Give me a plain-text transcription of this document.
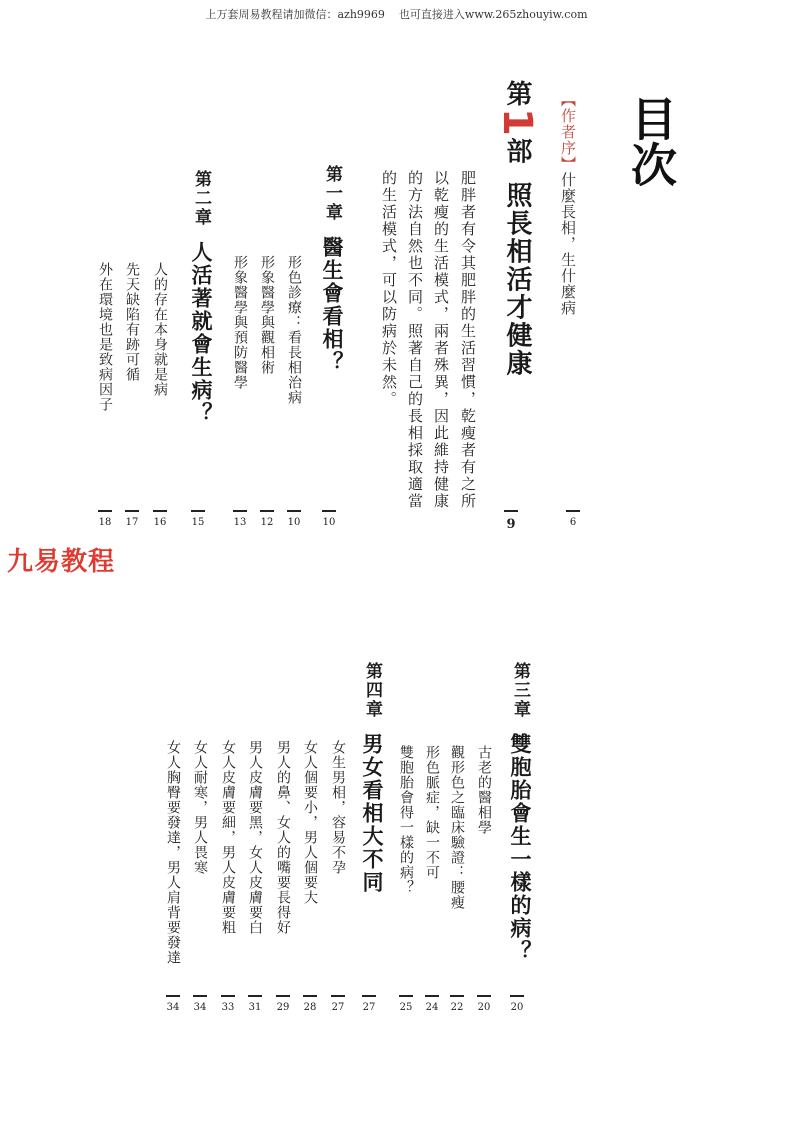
上万套周易教程请加微信：azh9969 也可直接进入www.265zhouyiw.com
目次
【作者序】什麼長相，生什麼病
6
第1部照長相活才健康
9
肥胖者有令其肥胖的生活習慣，乾瘦者有之所
以乾瘦的生活模式，兩者殊異，因此維持健康
的方法自然也不同。照著自己的長相採取適當
的生活模式，可以防病於未然。
第一章醫生會看相？
10
形色診療：看長相治病
10
形象醫學與觀相術
12
形象醫學與預防醫學
13
第二章人活著就會生病？
15
人的存在本身就是病
16
先天缺陷有跡可循
17
外在環境也是致病因子
18
第三章雙胞胎會生一樣的病？
20
古老的醫相學
20
觀形色之臨床驗證：腰瘦
22
形色脈症，缺一不可
24
雙胞胎會得一樣的病？
25
第四章男女看相大不同
27
女生男相，容易不孕
27
女人個要小，男人個要大
28
男人的鼻、女人的嘴要長得好
29
男人皮膚要黑，女人皮膚要白
31
女人皮膚要細，男人皮膚要粗
33
女人耐寒，男人畏寒
34
女人胸臀要發達，男人肩背要發達
34
九易教程
